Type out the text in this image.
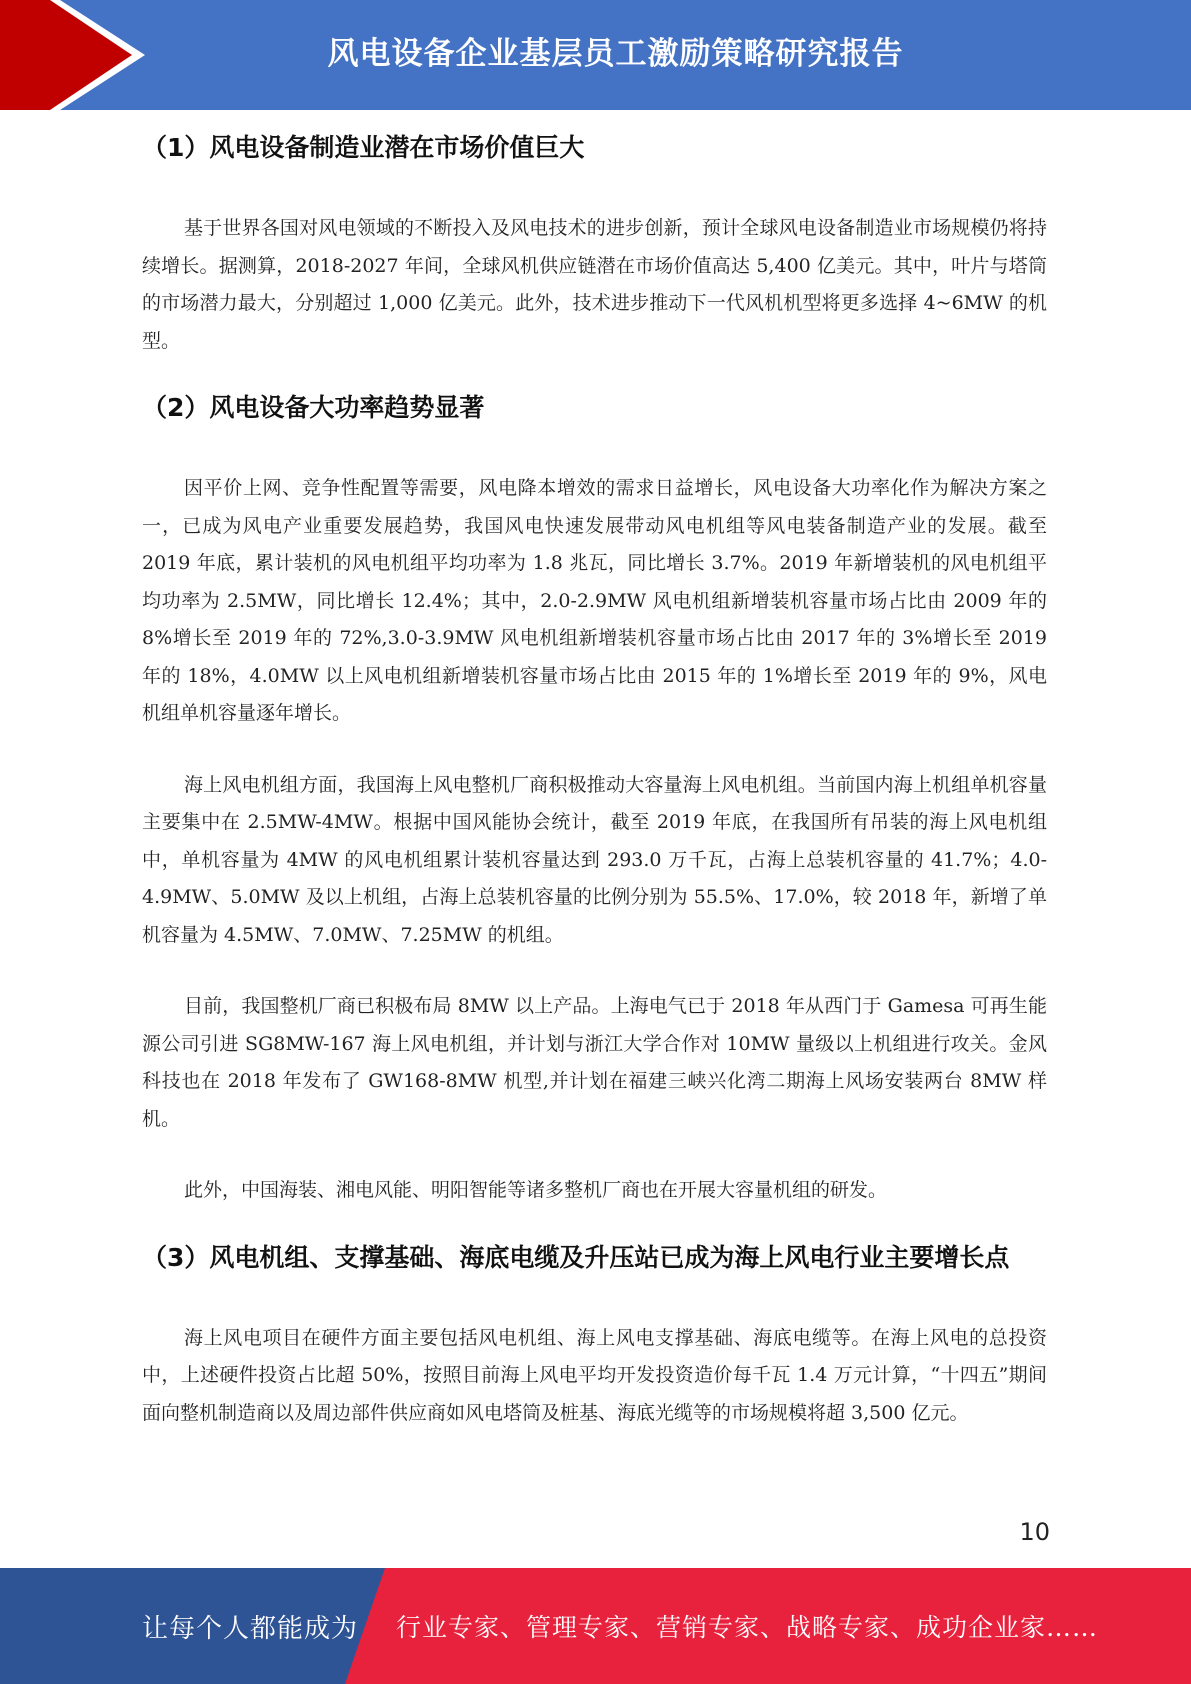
风电设备企业基层员工激励策略研究报告
（1）风电设备制造业潜在市场价值巨大

基于世界各国对风电领域的不断投入及风电技术的进步创新，预计全球风电设备制造业市场规模仍将持续增长。据测算，2018-2027 年间，全球风机供应链潜在市场价值高达 5,400 亿美元。其中，叶片与塔筒的市场潜力最大，分别超过 1,000 亿美元。此外，技术进步推动下一代风机机型将更多选择 4~6MW 的机型。

（2）风电设备大功率趋势显著

因平价上网、竞争性配置等需要，风电降本增效的需求日益增长，风电设备大功率化作为解决方案之一，已成为风电产业重要发展趋势，我国风电快速发展带动风电机组等风电装备制造产业的发展。截至 2019 年底，累计装机的风电机组平均功率为 1.8 兆瓦，同比增长 3.7%。2019 年新增装机的风电机组平均功率为 2.5MW，同比增长 12.4%；其中，2.0-2.9MW 风电机组新增装机容量市场占比由 2009 年的 8%增长至 2019 年的 72%,3.0-3.9MW 风电机组新增装机容量市场占比由 2017 年的 3%增长至 2019 年的 18%，4.0MW 以上风电机组新增装机容量市场占比由 2015 年的 1%增长至 2019 年的 9%，风电机组单机容量逐年增长。

海上风电机组方面，我国海上风电整机厂商积极推动大容量海上风电机组。当前国内海上机组单机容量主要集中在 2.5MW-4MW。根据中国风能协会统计，截至 2019 年底，在我国所有吊装的海上风电机组中，单机容量为 4MW 的风电机组累计装机容量达到 293.0 万千瓦，占海上总装机容量的 41.7%；4.0-4.9MW、5.0MW 及以上机组，占海上总装机容量的比例分别为 55.5%、17.0%，较 2018 年，新增了单机容量为 4.5MW、7.0MW、7.25MW 的机组。

目前，我国整机厂商已积极布局 8MW 以上产品。上海电气已于 2018 年从西门于 Gamesa 可再生能源公司引进 SG8MW-167 海上风电机组，并计划与浙江大学合作对 10MW 量级以上机组进行攻关。金风科技也在 2018 年发布了 GW168-8MW 机型,并计划在福建三峡兴化湾二期海上风场安装两台 8MW 样机。

此外，中国海装、湘电风能、明阳智能等诸多整机厂商也在开展大容量机组的研发。

（3）风电机组、支撑基础、海底电缆及升压站已成为海上风电行业主要增长点

海上风电项目在硬件方面主要包括风电机组、海上风电支撑基础、海底电缆等。在海上风电的总投资中，上述硬件投资占比超 50%，按照目前海上风电平均开发投资造价每千瓦 1.4 万元计算，“十四五”期间面向整机制造商以及周边部件供应商如风电塔筒及桩基、海底光缆等的市场规模将超 3,500 亿元。

10
让每个人都能成为 行业专家、管理专家、营销专家、战略专家、成功企业家……
